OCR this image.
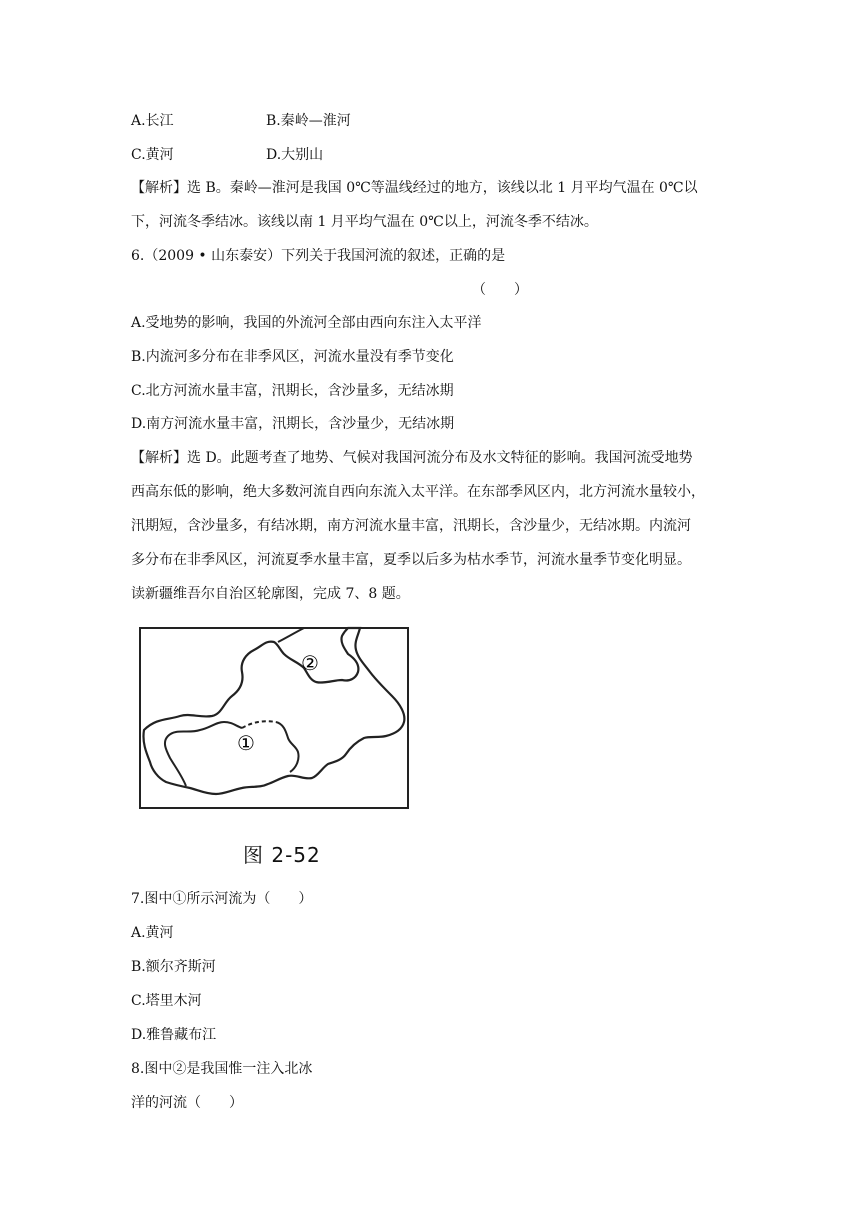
A.长江	B.秦岭—淮河
C.黄河	D.大别山
【解析】选 B。秦岭—淮河是我国 0℃等温线经过的地方，该线以北 1 月平均气温在 0℃以
下，河流冬季结冰。该线以南 1 月平均气温在 0℃以上，河流冬季不结冰。
6.（2009 • 山东泰安）下列关于我国河流的叙述，正确的是
（　　）
A.受地势的影响，我国的外流河全部由西向东注入太平洋
B.内流河多分布在非季风区，河流水量没有季节变化
C.北方河流水量丰富，汛期长，含沙量多，无结冰期
D.南方河流水量丰富，汛期长，含沙量少，无结冰期
【解析】选 D。此题考查了地势、气候对我国河流分布及水文特征的影响。我国河流受地势
西高东低的影响，绝大多数河流自西向东流入太平洋。在东部季风区内，北方河流水量较小，
汛期短，含沙量多，有结冰期，南方河流水量丰富，汛期长，含沙量少，无结冰期。内流河
多分布在非季风区，河流夏季水量丰富，夏季以后多为枯水季节，河流水量季节变化明显。
读新疆维吾尔自治区轮廓图，完成 7、8 题。
①
②
图 2-52
7.图中①所示河流为（　　）
A.黄河
B.额尔齐斯河
C.塔里木河
D.雅鲁藏布江
8.图中②是我国惟一注入北冰
洋的河流（　　）
